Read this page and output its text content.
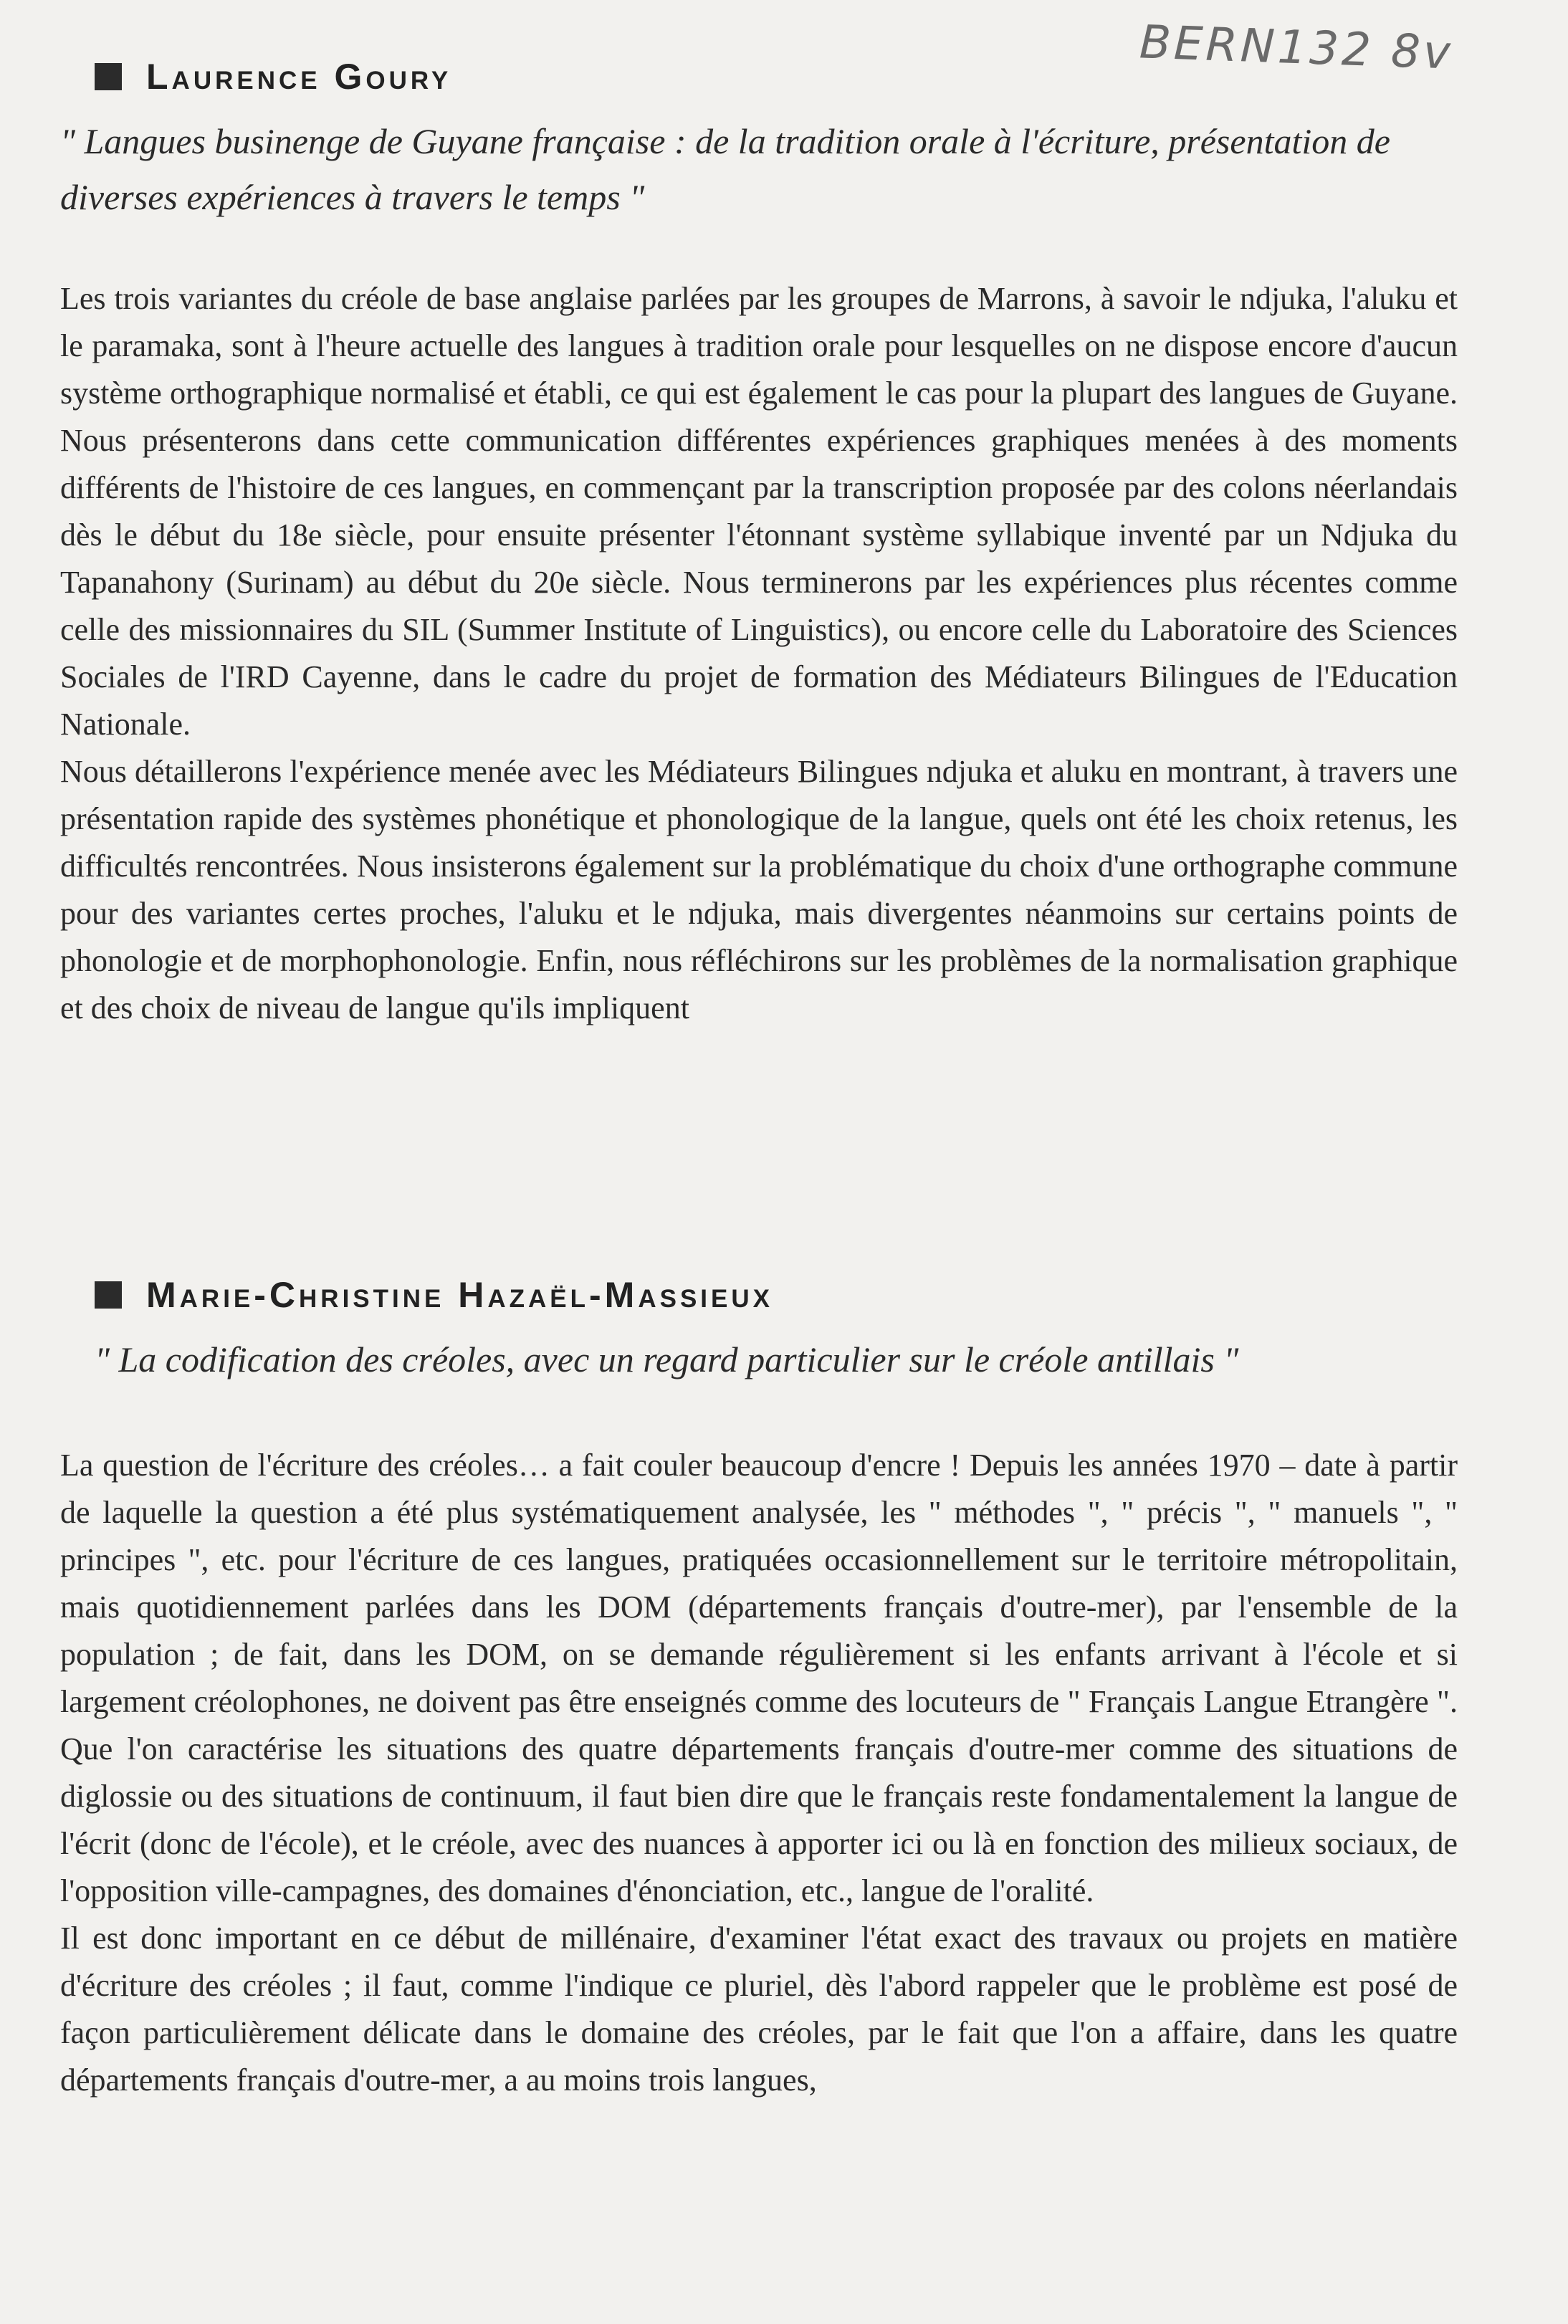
BERN132 8v
Laurence Goury

" Langues businenge de Guyane française : de la tradition orale à l'écriture, présentation de diverses expériences à travers le temps "

Les trois variantes du créole de base anglaise parlées par les groupes de Marrons, à savoir le ndjuka, l'aluku et le paramaka, sont à l'heure actuelle des langues à tradition orale pour lesquelles on ne dispose encore d'aucun système orthographique normalisé et établi, ce qui est également le cas pour la plupart des langues de Guyane. Nous présenterons dans cette communication différentes expériences graphiques menées à des moments différents de l'histoire de ces langues, en commençant par la transcription proposée par des colons néerlandais dès le début du 18e siècle, pour ensuite présenter l'étonnant système syllabique inventé par un Ndjuka du Tapanahony (Surinam) au début du 20e siècle. Nous terminerons par les expériences plus récentes comme celle des missionnaires du SIL (Summer Institute of Linguistics), ou encore celle du Laboratoire des Sciences Sociales de l'IRD Cayenne, dans le cadre du projet de formation des Médiateurs Bilingues de l'Education Nationale.

Nous détaillerons l'expérience menée avec les Médiateurs Bilingues ndjuka et aluku en montrant, à travers une présentation rapide des systèmes phonétique et phonologique de la langue, quels ont été les choix retenus, les difficultés rencontrées. Nous insisterons également sur la problématique du choix d'une orthographe commune pour des variantes certes proches, l'aluku et le ndjuka, mais divergentes néanmoins sur certains points de phonologie et de morphophonologie. Enfin, nous réfléchirons sur les problèmes de la normalisation graphique et des choix de niveau de langue qu'ils impliquent

Marie-Christine Hazaël-Massieux

" La codification des créoles, avec un regard particulier sur le créole antillais "

La question de l'écriture des créoles… a fait couler beaucoup d'encre ! Depuis les années 1970 – date à partir de laquelle la question a été plus systématiquement analysée, les " méthodes ", " précis ", " manuels ", " principes ", etc. pour l'écriture de ces langues, pratiquées occasionnellement sur le territoire métropolitain, mais quotidiennement parlées dans les DOM (départements français d'outre-mer), par l'ensemble de la population ; de fait, dans les DOM, on se demande régulièrement si les enfants arrivant à l'école et si largement créolophones, ne doivent pas être enseignés comme des locuteurs de " Français Langue Etrangère ". Que l'on caractérise les situations des quatre départements français d'outre-mer comme des situations de diglossie ou des situations de continuum, il faut bien dire que le français reste fondamentalement la langue de l'écrit (donc de l'école), et le créole, avec des nuances à apporter ici ou là en fonction des milieux sociaux, de l'opposition ville-campagnes, des domaines d'énonciation, etc., langue de l'oralité.

Il est donc important en ce début de millénaire, d'examiner l'état exact des travaux ou projets en matière d'écriture des créoles ; il faut, comme l'indique ce pluriel, dès l'abord rappeler que le problème est posé de façon particulièrement délicate dans le domaine des créoles, par le fait que l'on a affaire, dans les quatre départements français d'outre-mer, a au moins trois langues,
